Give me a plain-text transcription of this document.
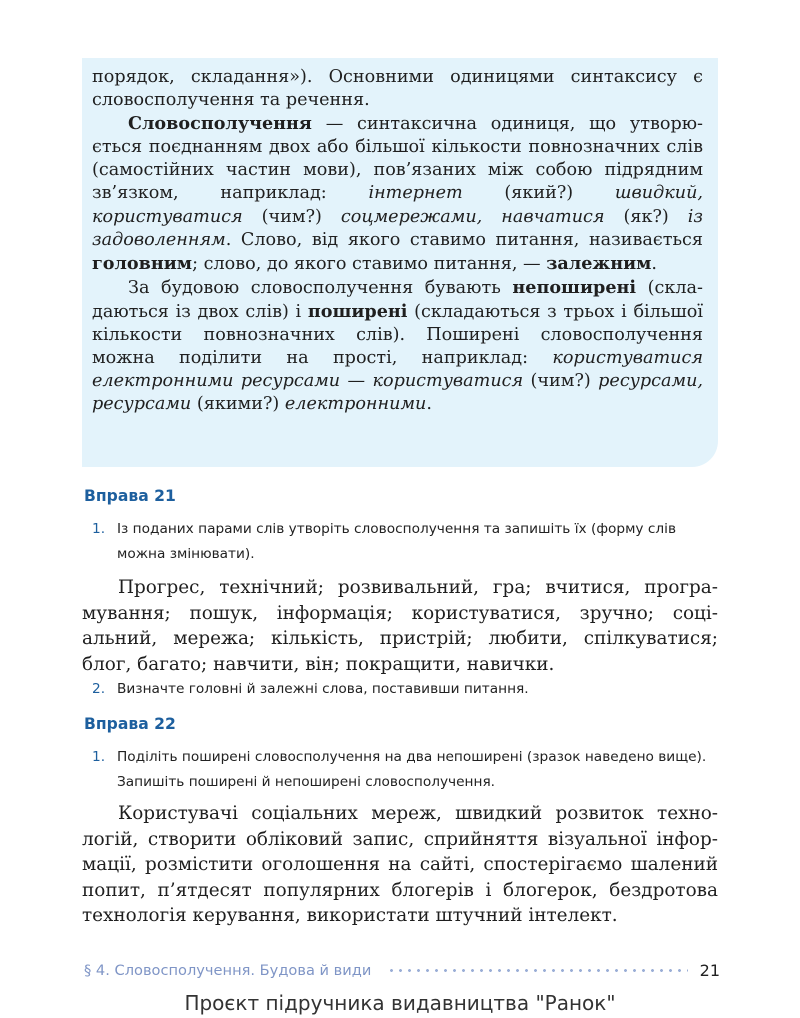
порядок, складання»). Основними одиницями синтаксису є словосполучення та речення.

Словосполучення — синтаксична одиниця, що утворюється поєднанням двох або більшої кількости повнозначних слів (самостійних частин мови), пов’язаних між собою підрядним зв’язком, наприклад: інтернет (який?) швидкий, користуватися (чим?) соцмережами, навчатися (як?) із задоволенням. Слово, від якого ставимо питання, називається головним; слово, до якого ставимо питання, — залежним.

За будовою словосполучення бувають непоширені (складаються із двох слів) і поширені (складаються з трьох і більшої кількости повнозначних слів). Поширені словосполучення можна поділити на прості, наприклад: користуватися електронними ресурсами — користуватися (чим?) ресурсами, ресурсами (якими?) електронними.

Вправа 21
1. Із поданих парами слів утворіть словосполучення та запишіть їх (форму слів можна змінювати).

Прогрес, технічний; розвивальний, гра; вчитися, програмування; пошук, інформація; користуватися, зручно; соціальний, мережа; кількість, пристрій; любити, спілкуватися; блог, багато; навчити, він; покращити, навички.

2. Визначте головні й залежні слова, поставивши питання.
Вправа 22
1. Поділіть поширені словосполучення на два непоширені (зразок наведено вище). Запишіть поширені й непоширені словосполучення.

Користувачі соціальних мереж, швидкий розвиток технологій, створити обліковий запис, сприйняття візуальної інформації, розмістити оголошення на сайті, спостерігаємо шалений попит, п’ятдесят популярних блогерів і блогерок, бездротова технологія керування, використати штучний інтелект.

§ 4. Словосполучення. Будова й види	21
Проєкт підручника видавництва "Ранок"
